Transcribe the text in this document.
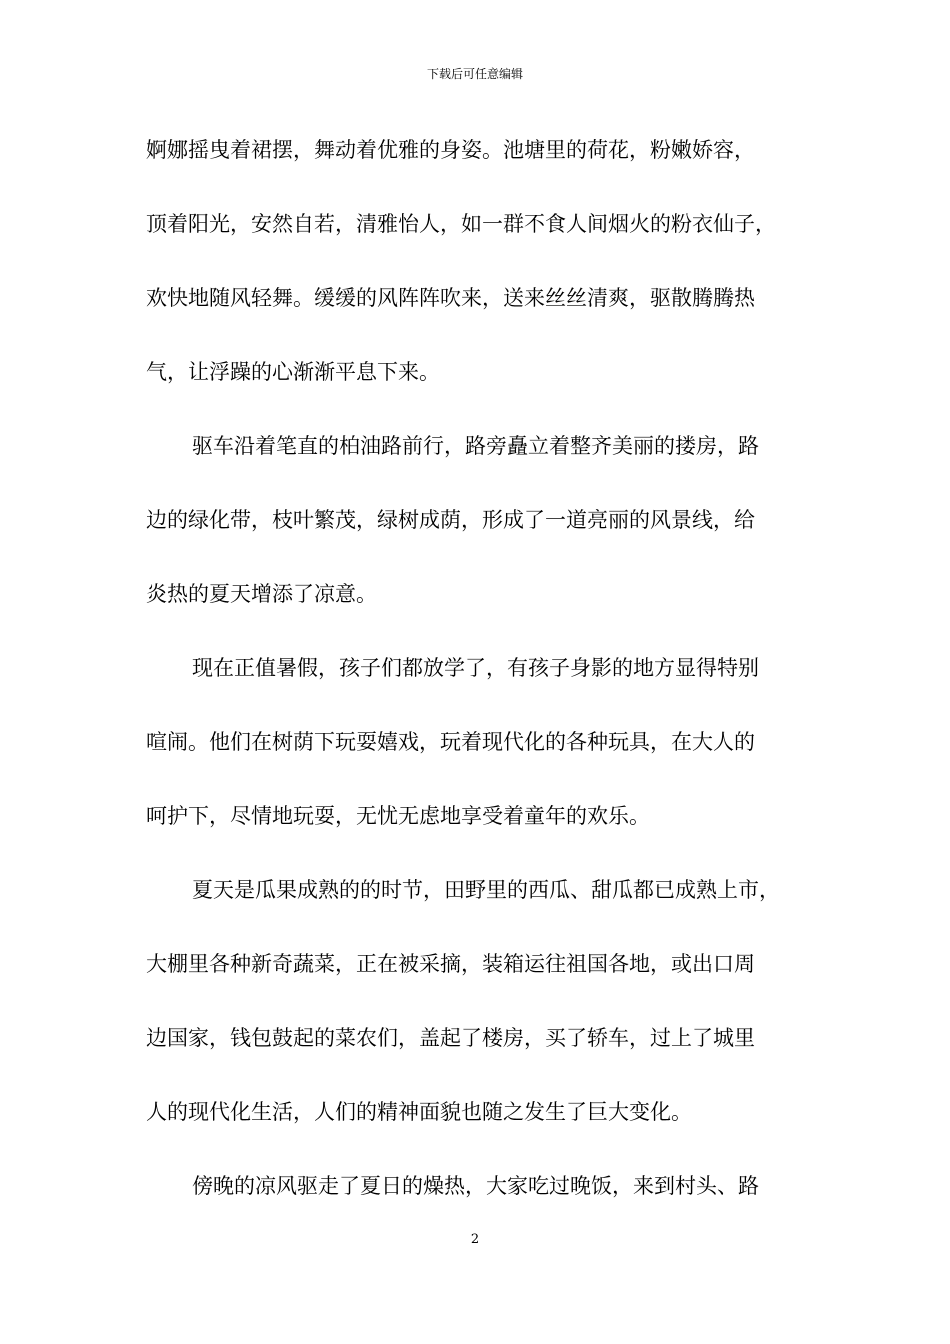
下载后可任意编辑
婀娜摇曳着裙摆，舞动着优雅的身姿。池塘里的荷花，粉嫩娇容，
顶着阳光，安然自若，清雅怡人，如一群不食人间烟火的粉衣仙子，
欢快地随风轻舞。缓缓的风阵阵吹来，送来丝丝清爽，驱散腾腾热
气，让浮躁的心渐渐平息下来。
驱车沿着笔直的柏油路前行，路旁矗立着整齐美丽的搂房，路
边的绿化带，枝叶繁茂，绿树成荫，形成了一道亮丽的风景线，给
炎热的夏天增添了凉意。
现在正值暑假，孩子们都放学了，有孩子身影的地方显得特别
喧闹。他们在树荫下玩耍嬉戏，玩着现代化的各种玩具，在大人的
呵护下，尽情地玩耍，无忧无虑地享受着童年的欢乐。
夏天是瓜果成熟的的时节，田野里的西瓜、甜瓜都已成熟上市，
大棚里各种新奇蔬菜，正在被采摘，装箱运往祖国各地，或出口周
边国家，钱包鼓起的菜农们，盖起了楼房，买了轿车，过上了城里
人的现代化生活，人们的精神面貌也随之发生了巨大变化。
傍晚的凉风驱走了夏日的燥热，大家吃过晚饭，来到村头、路
2
